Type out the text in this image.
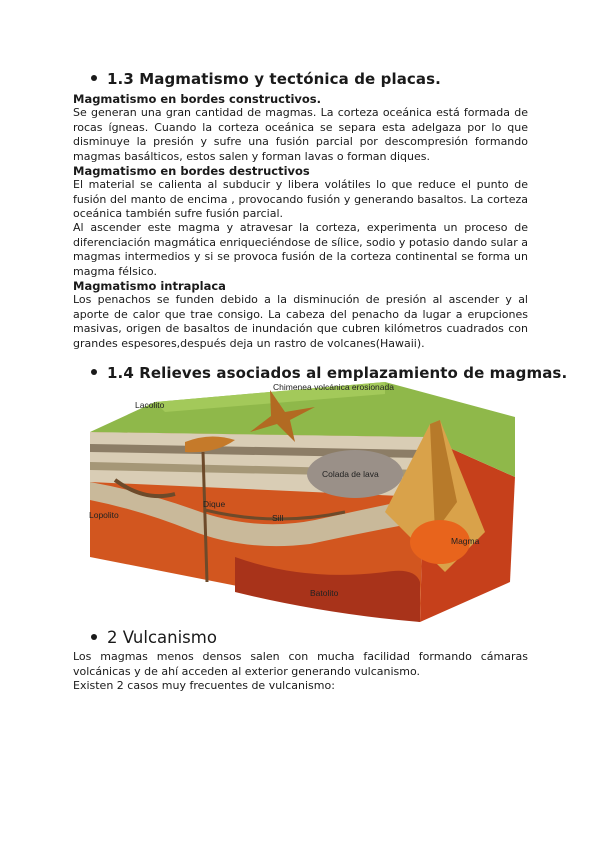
1.3 Magmatismo y tectónica de placas.
Magmatismo en bordes constructivos.
Se generan una gran cantidad de magmas. La corteza oceánica está formada de rocas ígneas. Cuando la corteza oceánica se separa esta adelgaza por lo que disminuye la presión y sufre una fusión parcial por descompresión formando magmas basálticos, estos salen y forman lavas o forman diques.
Magmatismo en bordes destructivos
El material se calienta al subducir y libera volátiles lo que reduce el punto de fusión del manto de encima , provocando fusión y generando basaltos. La corteza oceánica también sufre fusión parcial.
Al ascender este magma y atravesar la corteza, experimenta un proceso de diferenciación magmática enriqueciéndose de sílice, sodio y potasio dando sular a magmas intermedios y si se provoca fusión de la corteza continental se forma un magma félsico.
Magmatismo intraplaca
Los penachos se funden debido a la disminución de presión al ascender y al aporte de calor que trae consigo. La cabeza del penacho da lugar a erupciones masivas, origen de basaltos de inundación que cubren kilómetros cuadrados con grandes espesores,después deja un rastro de volcanes(Hawaii).
1.4 Relieves asociados al emplazamiento de magmas.
Chimenea volcánica erosionada
Lacolito
Colada de lava
Dique
Sill
Lopolito
Magma
Batolito
2 Vulcanismo
Los magmas menos densos salen con mucha facilidad formando cámaras volcánicas y de ahí acceden al exterior generando vulcanismo.
Existen 2 casos muy frecuentes de vulcanismo:
